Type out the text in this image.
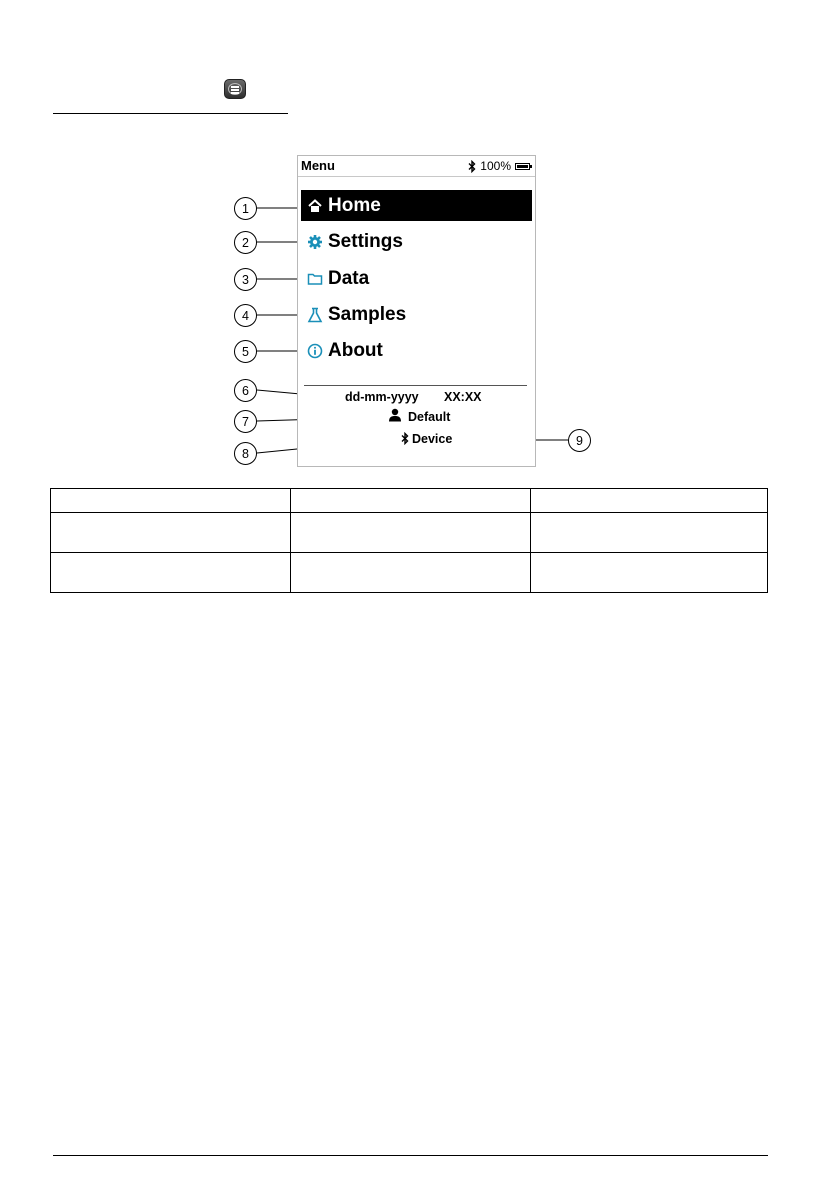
Menu	100%
Home
Settings
Data
Samples
About
dd-mm-yyyy XX:XX
Default
Device
1
2
3
4
5
6
7
8
9
